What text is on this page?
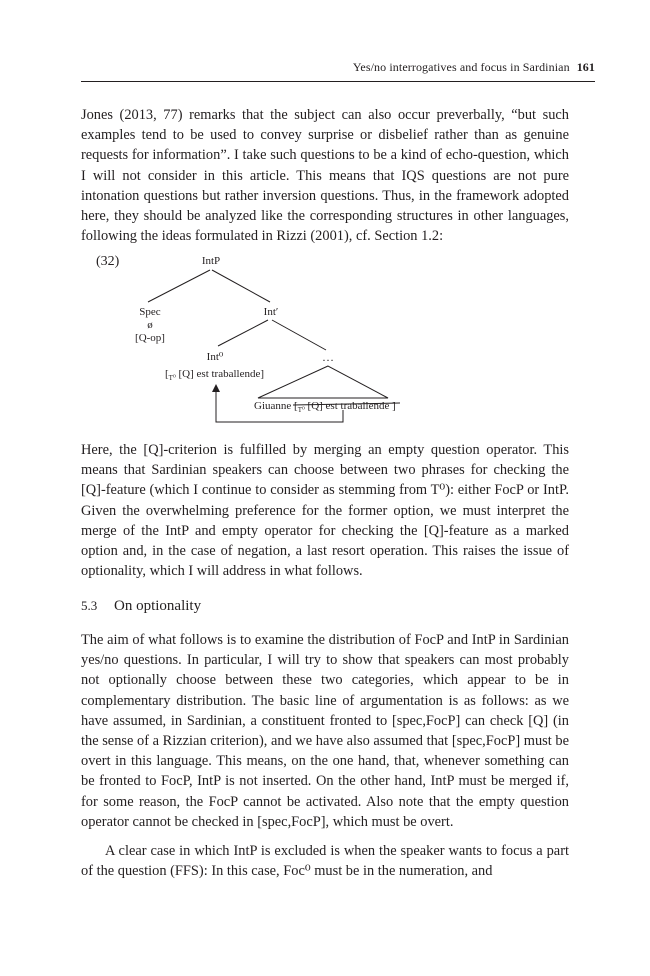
Yes/no interrogatives and focus in Sardinian 161

Jones (2013, 77) remarks that the subject can also occur preverbally, “but such examples tend to be used to convey surprise or disbelief rather than as genuine requests for information”. I take such questions to be a kind of echo-question, which I will not consider in this article. This means that IQS questions are not pure intonation questions but rather inversion questions. Thus, in the framework adopted here, they should be analyzed like the corresponding structures in other languages, following the ideas formulated in Rizzi (2001), cf. Section 1.2:

(32)	IntP
Spec
ø
[Q-op]
Int′
Int⁰
[$_{T^0}$ [Q] est traballende]
…
Giuanne [$_{T^0}$ [Q] est traballende ]

Here, the [Q]-criterion is fulfilled by merging an empty question operator. This means that Sardinian speakers can choose between two phrases for checking the [Q]-feature (which I continue to consider as stemming from T⁰): either FocP or IntP. Given the overwhelming preference for the former option, we must interpret the merge of the IntP and empty operator for checking the [Q]-feature as a marked option and, in the case of negation, a last resort operation. This raises the issue of optionality, which I will address in what follows.

5.3 On optionality

The aim of what follows is to examine the distribution of FocP and IntP in Sardinian yes/no questions. In particular, I will try to show that speakers can most probably not optionally choose between these two categories, which appear to be in complementary distribution. The basic line of argumentation is as follows: as we have assumed, in Sardinian, a constituent fronted to [spec,FocP] can check [Q] (in the sense of a Rizzian criterion), and we have also assumed that [spec,FocP] must be overt in this language. This means, on the one hand, that, whenever something can be fronted to FocP, IntP is not inserted. On the other hand, IntP must be merged if, for some reason, the FocP cannot be activated. Also note that the empty question operator cannot be checked in [spec,FocP], which must be overt.

A clear case in which IntP is excluded is when the speaker wants to focus a part of the question (FFS): In this case, Foc⁰ must be in the numeration, and
